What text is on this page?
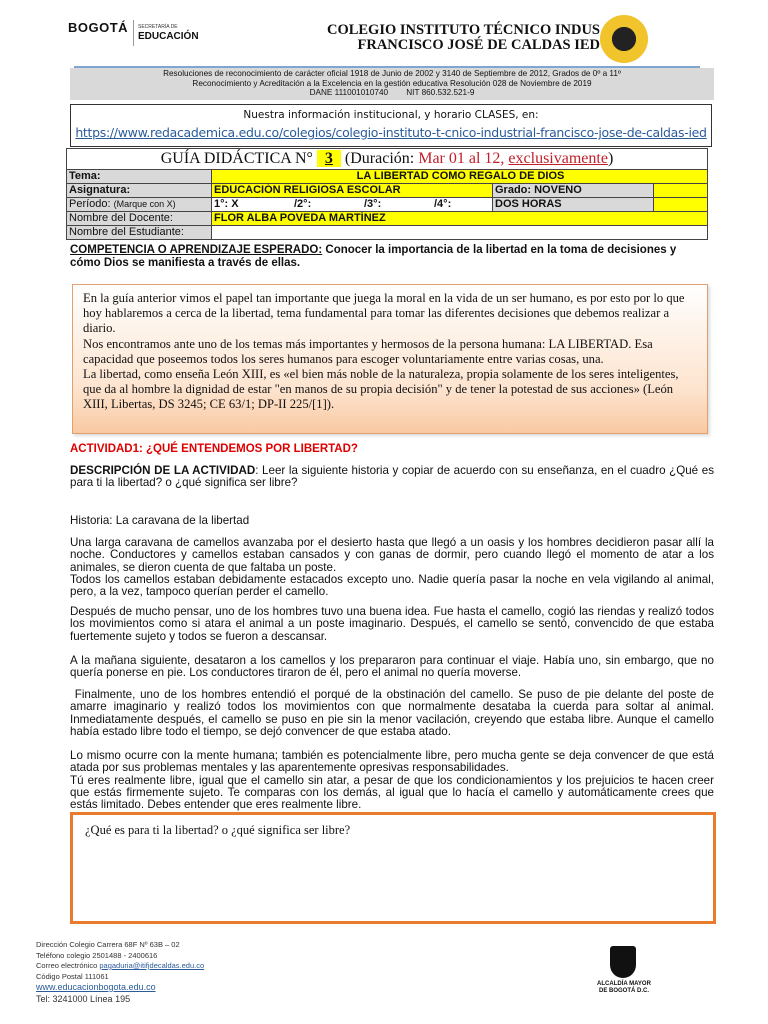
BOGOTÁ SECRETARÍA DE
EDUCACIÓN	COLEGIO INSTITUTO TÉCNICO INDUS
FRANCISCO JOSÉ DE CALDAS IED
Resoluciones de reconocimiento de carácter oficial 1918 de Junio de 2002 y 3140 de Septiembre de 2012, Grados de 0º a 11º
Reconocimiento y Acreditación a la Excelencia en la gestión educativa Resolución 028 de Noviembre de 2019
DANE 111001010740        NIT 860.532.521-9
Nuestra información institucional, y horario CLASES, en:
https://www.redacademica.edu.co/colegios/colegio-instituto-t-cnico-industrial-francisco-jose-de-caldas-ied
GUÍA DIDÁCTICA N° 3 (Duración: Mar 01 al 12, exclusivamente)
Tema:	LA LIBERTAD COMO REGALO DE DIOS
Asignatura:	EDUCACIÓN RELIGIOSA ESCOLAR	Grado: NOVENO
Período: (Marque con X)	1°: X	/2°:	/3°:	/4°:	DOS HORAS
Nombre del Docente:	FLOR ALBA POVEDA MARTÍNEZ
Nombre del Estudiante:
COMPETENCIA O APRENDIZAJE ESPERADO: Conocer la importancia de la libertad en la toma de decisiones y cómo Dios se manifiesta a través de ellas.

En la guía anterior vimos el papel tan importante que juega la moral en la vida de un ser humano, es por esto por lo que hoy hablaremos a cerca de la libertad, tema fundamental para tomar las diferentes decisiones que debemos realizar a diario.

Nos encontramos ante uno de los temas más importantes y hermosos de la persona humana: LA LIBERTAD. Esa capacidad que poseemos todos los seres humanos para escoger voluntariamente entre varias cosas, una.

La libertad, como enseña León XIII, es «el bien más noble de la naturaleza, propia solamente de los seres inteligentes, que da al hombre la dignidad de estar "en manos de su propia decisión" y de tener la potestad de sus acciones» (León XIII, Libertas, DS 3245; CE 63/1; DP-II 225/[1]).

ACTIVIDAD1: ¿QUÉ ENTENDEMOS POR LIBERTAD?
DESCRIPCIÓN DE LA ACTIVIDAD: Leer la siguiente historia y copiar de acuerdo con su enseñanza, en el cuadro ¿Qué es para ti la libertad? o ¿qué significa ser libre?
Historia: La caravana de la libertad

Una larga caravana de camellos avanzaba por el desierto hasta que llegó a un oasis y los hombres decidieron pasar allí la noche. Conductores y camellos estaban cansados y con ganas de dormir, pero cuando llegó el momento de atar a los animales, se dieron cuenta de que faltaba un poste.

Todos los camellos estaban debidamente estacados excepto uno. Nadie quería pasar la noche en vela vigilando al animal, pero, a la vez, tampoco querían perder el camello.

Después de mucho pensar, uno de los hombres tuvo una buena idea. Fue hasta el camello, cogió las riendas y realizó todos los movimientos como si atara el animal a un poste imaginario. Después, el camello se sentó, convencido de que estaba fuertemente sujeto y todos se fueron a descansar.
A la mañana siguiente, desataron a los camellos y los prepararon para continuar el viaje. Había uno, sin embargo, que no quería ponerse en pie. Los conductores tiraron de él, pero el animal no quería moverse.
Finalmente, uno de los hombres entendió el porqué de la obstinación del camello. Se puso de pie delante del poste de amarre imaginario y realizó todos los movimientos con que normalmente desataba la cuerda para soltar al animal. Inmediatamente después, el camello se puso en pie sin la menor vacilación, creyendo que estaba libre. Aunque el camello había estado libre todo el tiempo, se dejó convencer de que estaba atado.

Lo mismo ocurre con la mente humana; también es potencialmente libre, pero mucha gente se deja convencer de que está atada por sus problemas mentales y las aparentemente opresivas responsabilidades.

Tú eres realmente libre, igual que el camello sin atar, a pesar de que los condicionamientos y los prejuicios te hacen creer que estás firmemente sujeto. Te comparas con los demás, al igual que lo hacía el camello y automáticamente crees que estás limitado. Debes entender que eres realmente libre.

¿Qué es para ti la libertad? o ¿qué significa ser libre?
Dirección Colegio Carrera 68F Nº 63B – 02
Teléfono colegio 2501488 - 2400616
Correo electrónico pagaduria@itifjdecaldas.edu.co
Código Postal 111061
www.educacionbogota.edu.co
Tel: 3241000 Línea 195
ALCALDÍA MAYOR
DE BOGOTÁ D.C.
